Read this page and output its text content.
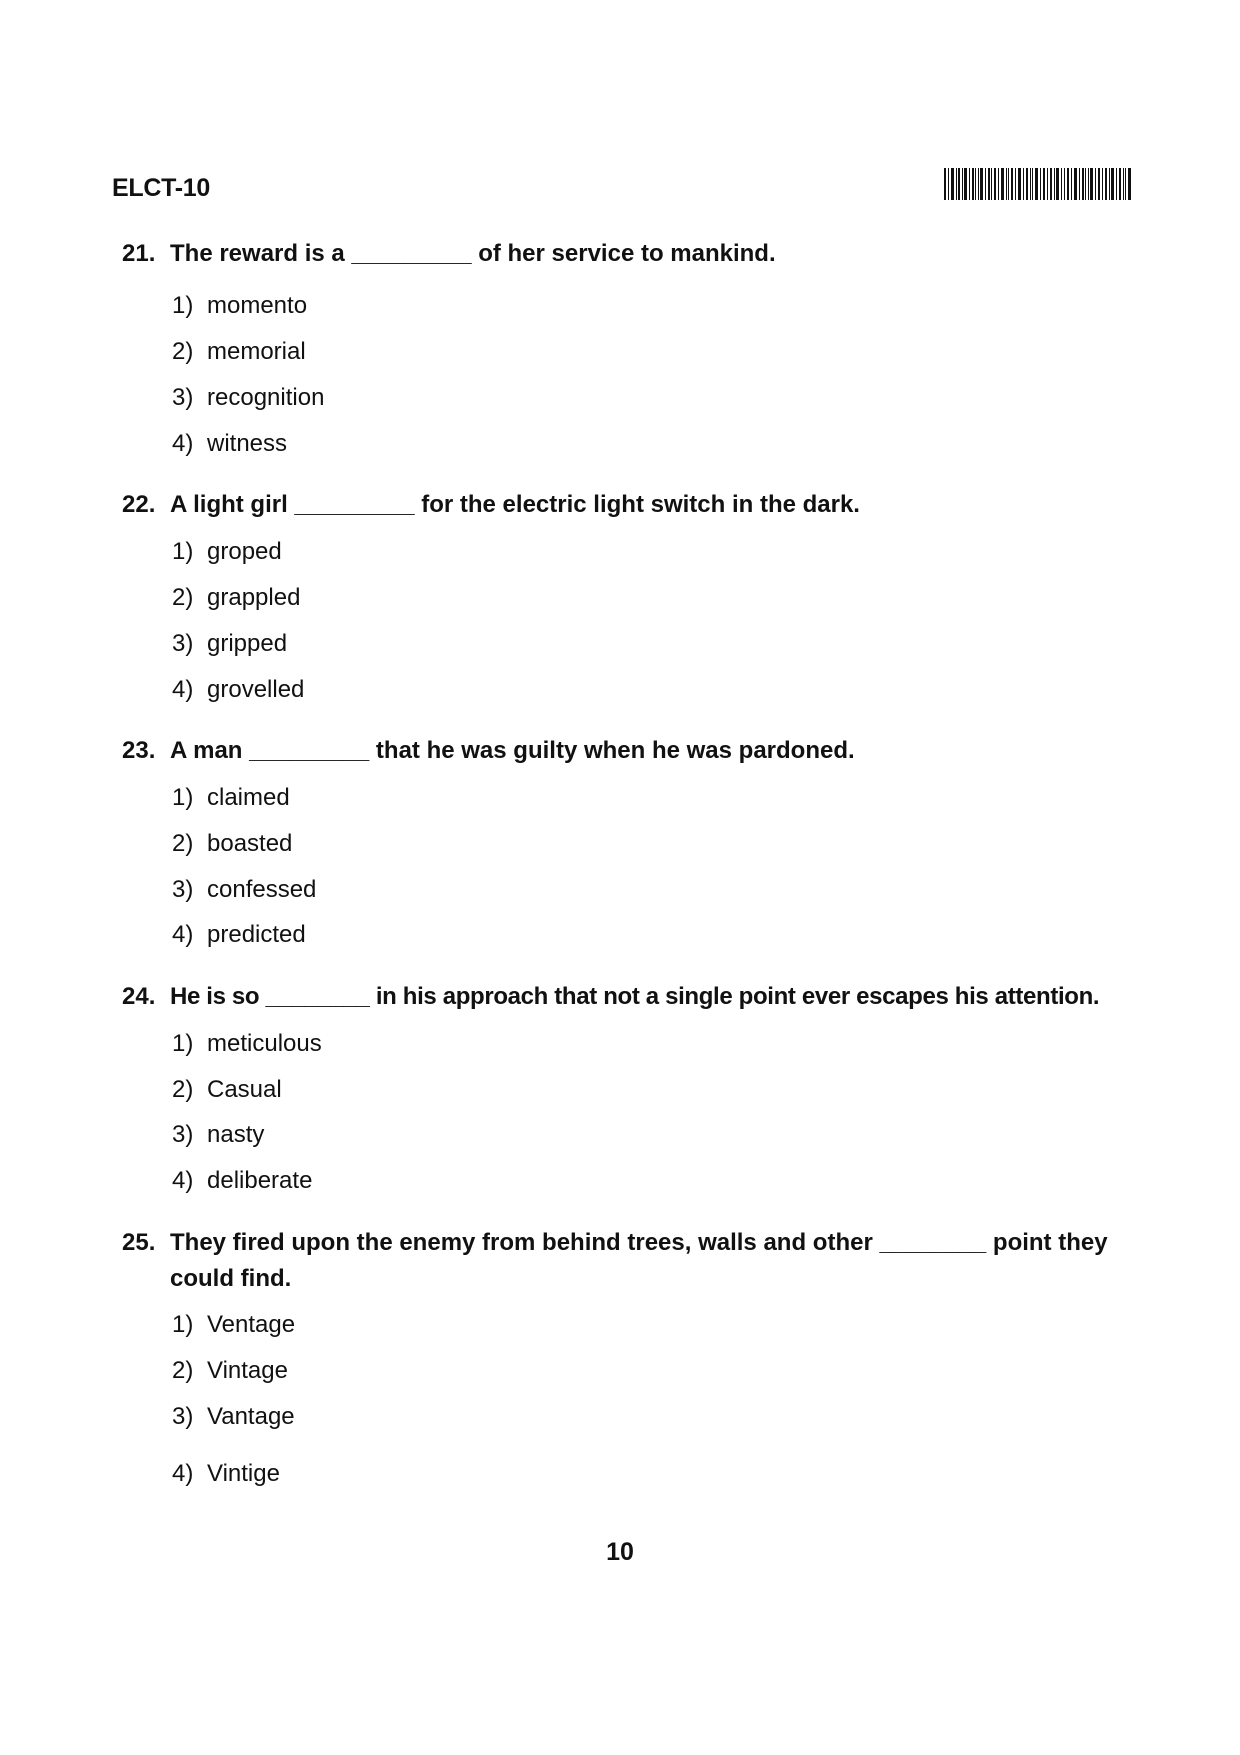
ELCT-10
21. The reward is a _________ of her service to mankind.
1) momento
2) memorial
3) recognition
4) witness
22. A light girl _________ for the electric light switch in the dark.
1) groped
2) grappled
3) gripped
4) grovelled
23. A man _________ that he was guilty when he was pardoned.
1) claimed
2) boasted
3) confessed
4) predicted
24. He is so ________ in his approach that not a single point ever escapes his attention.
1) meticulous
2) Casual
3) nasty
4) deliberate
25. They fired upon the enemy from behind trees, walls and other ________ point they could find.
1) Ventage
2) Vintage
3) Vantage
4) Vintige
10
